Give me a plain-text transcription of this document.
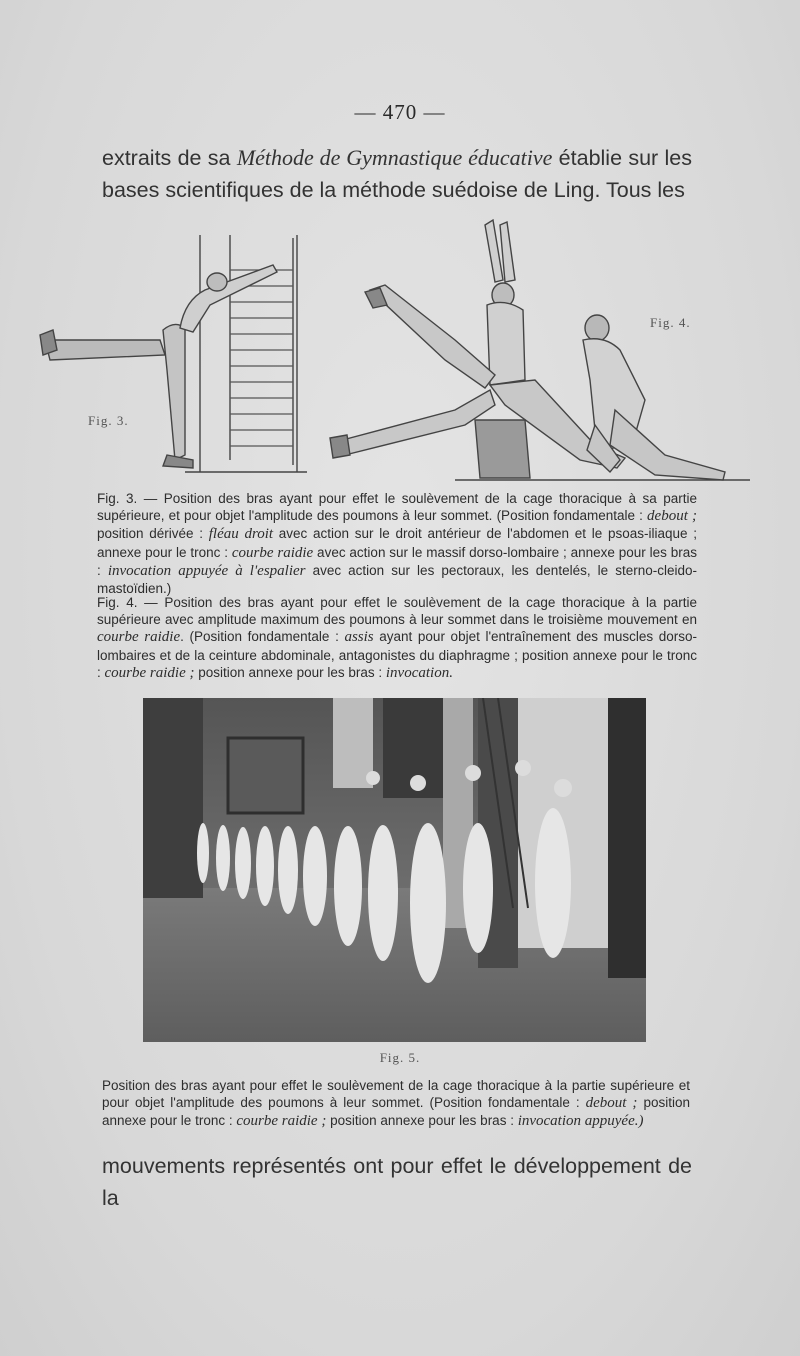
— 470 —
extraits de sa Méthode de Gymnastique éducative établie sur les bases scientifiques de la méthode suédoise de Ling. Tous les
Fig. 3.
Fig. 4.
Fig. 3. — Position des bras ayant pour effet le soulèvement de la cage thoracique à sa partie supérieure, et pour objet l'amplitude des poumons à leur sommet. (Position fondamentale : debout ; position dérivée : fléau droit avec action sur le droit antérieur de l'abdomen et le psoas-iliaque ; annexe pour le tronc : courbe raidie avec action sur le massif dorso-lombaire ; annexe pour les bras : invocation appuyée à l'espalier avec action sur les pectoraux, les dentelés, le sterno-cleido-mastoïdien.)
Fig. 4. — Position des bras ayant pour effet le soulèvement de la cage thoracique à la partie supérieure avec amplitude maximum des poumons à leur sommet dans le troisième mouvement en courbe raidie. (Position fondamentale : assis ayant pour objet l'entraînement des muscles dorso-lombaires et de la ceinture abdominale, antagonistes du diaphragme ; position annexe pour le tronc : courbe raidie ; position annexe pour les bras : invocation.
Fig. 5.
Position des bras ayant pour effet le soulèvement de la cage thoracique à la partie supérieure et pour objet l'amplitude des poumons à leur sommet. (Position fondamentale : debout ; position annexe pour le tronc : courbe raidie ; position annexe pour les bras : invocation appuyée.)
mouvements représentés ont pour effet le développement de la
